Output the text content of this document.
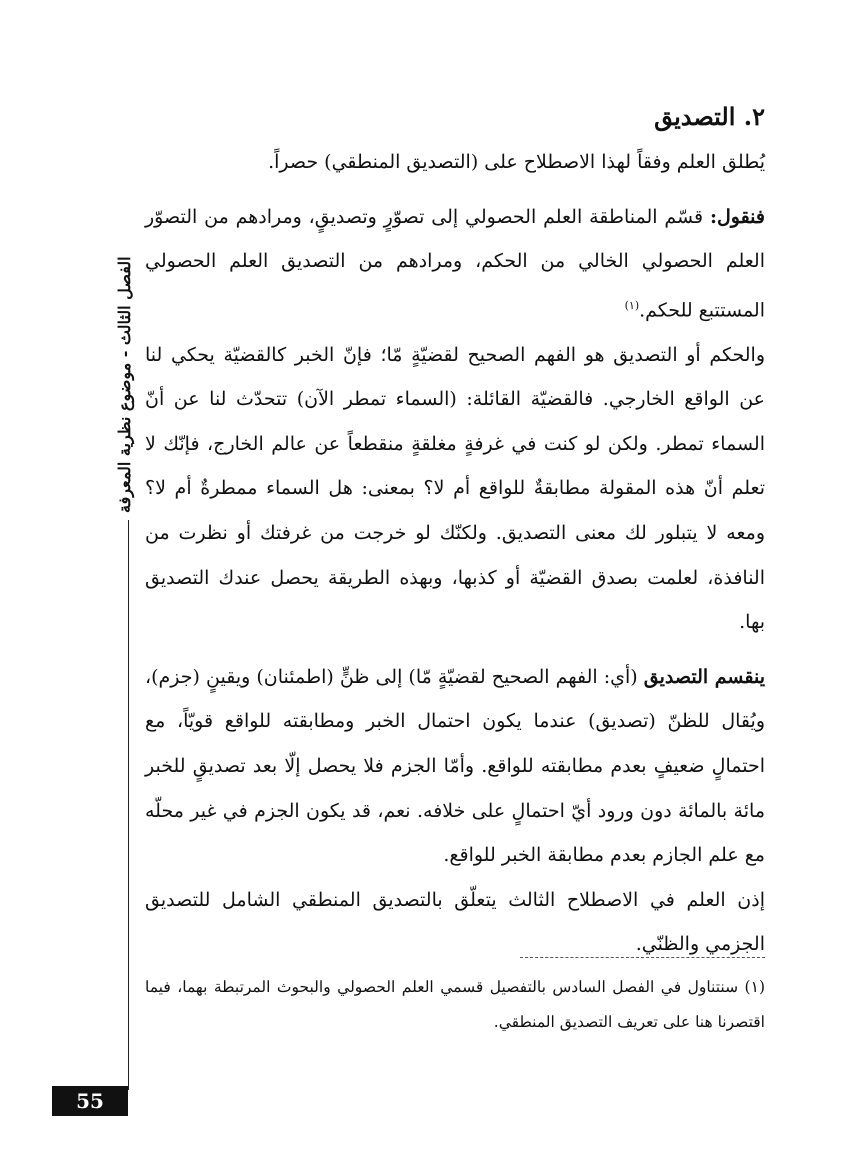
الفصل الثالث - موضوع نظرية المعرفة
٢. التصديق

يُطلق العلم وفقاً لهذا الاصطلاح على (التصديق المنطقي) حصراً.

فنقول: قسّم المناطقة العلم الحصولي إلى تصوّرٍ وتصديقٍ، ومرادهم من التصوّر العلم الحصولي الخالي من الحكم، ومرادهم من التصديق العلم الحصولي المستتبع للحكم.$^{(١)}$

والحكم أو التصديق هو الفهم الصحيح لقضيّةٍ مّا؛ فإنّ الخبر كالقضيّة يحكي لنا عن الواقع الخارجي. فالقضيّة القائلة: (السماء تمطر الآن) تتحدّث لنا عن أنّ السماء تمطر. ولكن لو كنت في غرفةٍ مغلقةٍ منقطعاً عن عالم الخارج، فإنّك لا تعلم أنّ هذه المقولة مطابقةٌ للواقع أم لا؟ بمعنى: هل السماء ممطرةٌ أم لا؟ ومعه لا يتبلور لك معنى التصديق. ولكنّك لو خرجت من غرفتك أو نظرت من النافذة، لعلمت بصدق القضيّة أو كذبها، وبهذه الطريقة يحصل عندك التصديق بها.

ينقسم التصديق (أي: الفهم الصحيح لقضيّةٍ مّا) إلى ظنٍّ (اطمئنان) ويقينٍ (جزم)، ويُقال للظنّ (تصديق) عندما يكون احتمال الخبر ومطابقته للواقع قويّاً، مع احتمالٍ ضعيفٍ بعدم مطابقته للواقع. وأمّا الجزم فلا يحصل إلّا بعد تصديقٍ للخبر مائة بالمائة دون ورود أيّ احتمالٍ على خلافه. نعم، قد يكون الجزم في غير محلّه مع علم الجازم بعدم مطابقة الخبر للواقع.

إذن العلم في الاصطلاح الثالث يتعلّق بالتصديق المنطقي الشامل للتصديق الجزمي والظنّي.

(١) سنتناول في الفصل السادس بالتفصيل قسمي العلم الحصولي والبحوث المرتبطة بهما، فيما اقتصرنا هنا على تعريف التصديق المنطقي.
55
